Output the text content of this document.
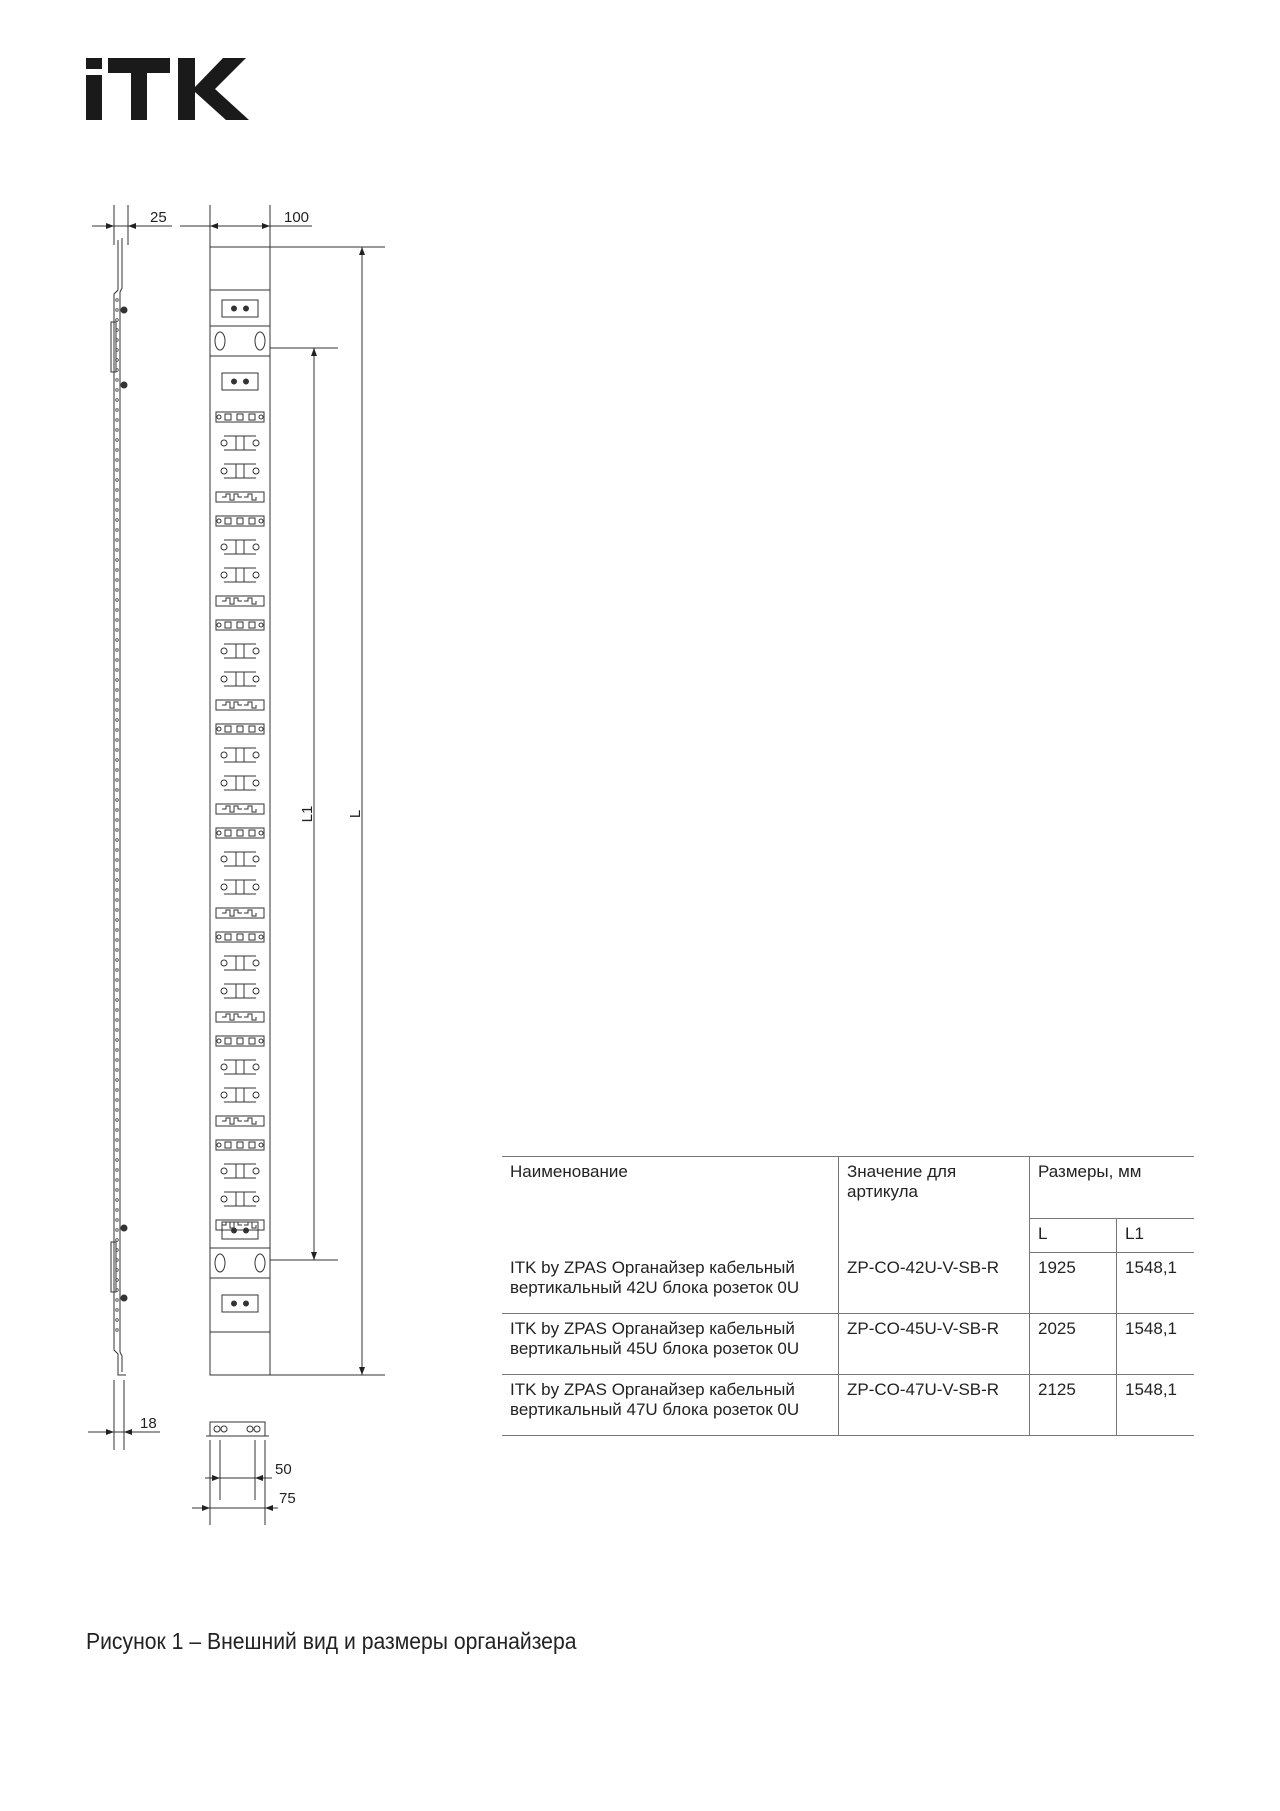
25	100
L1 L
18
50
75
Наименование	Значение для артикула	Размеры, мм	
		L	L1
ITK by ZPAS Органайзер кабельный вертикальный 42U блока розеток 0U	ZP-CO-42U-V-SB-R	1925	1548,1
ITK by ZPAS Органайзер кабельный вертикальный 45U блока розеток 0U	ZP-CO-45U-V-SB-R	2025	1548,1
ITK by ZPAS Органайзер кабельный вертикальный 47U блока розеток 0U	ZP-CO-47U-V-SB-R	2125	1548,1
Рисунок 1 – Внешний вид и размеры органайзера
